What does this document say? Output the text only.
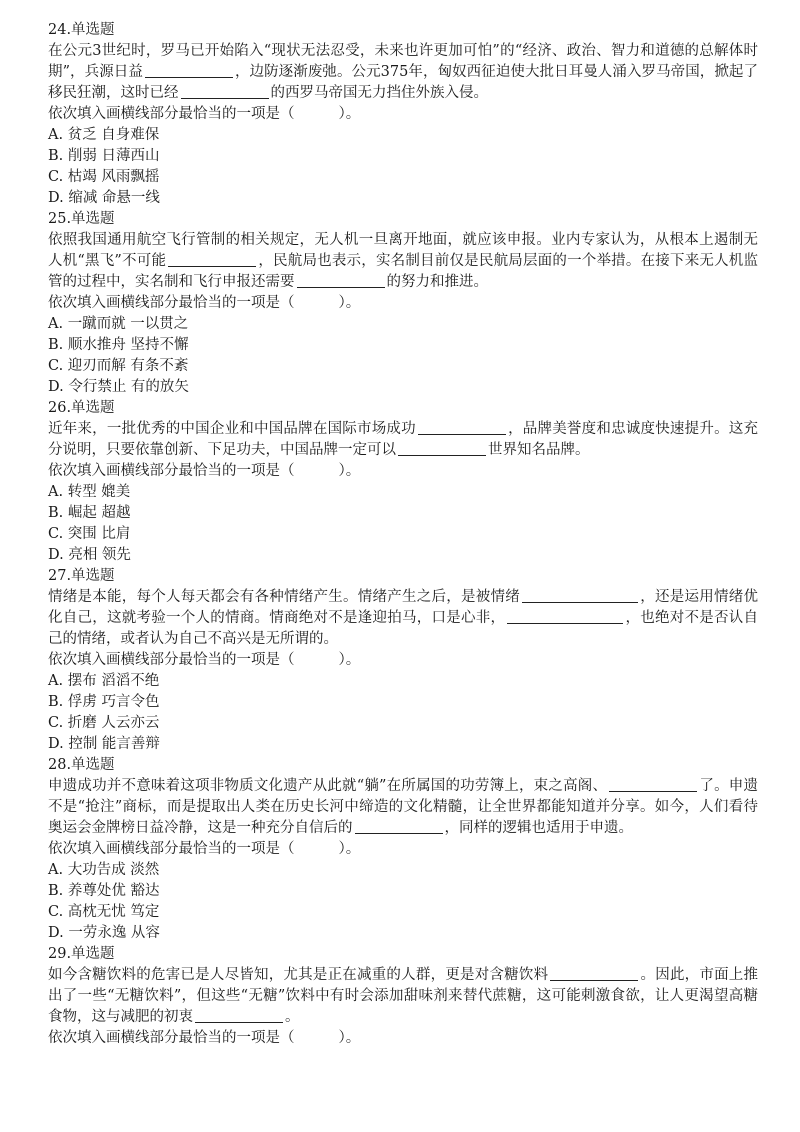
24.单选题
在公元3世纪时，罗马已开始陷入“现状无法忍受，未来也许更加可怕”的“经济、政治、智力和道德的总解体时期”，兵源日益	，边防逐渐废弛。公元375年，匈奴西征迫使大批日耳曼人涌入罗马帝国，掀起了移民狂潮，这时已经	的西罗马帝国无力挡住外族入侵。
依次填入画横线部分最恰当的一项是（	）。
A. 贫乏 自身难保
B. 削弱 日薄西山
C. 枯竭 风雨飘摇
D. 缩减 命悬一线
25.单选题
依照我国通用航空飞行管制的相关规定，无人机一旦离开地面，就应该申报。业内专家认为，从根本上遏制无人机“黑飞”不可能	，民航局也表示，实名制目前仅是民航局层面的一个举措。在接下来无人机监管的过程中，实名制和飞行申报还需要	的努力和推进。
依次填入画横线部分最恰当的一项是（	）。
A. 一蹴而就 一以贯之
B. 顺水推舟 坚持不懈
C. 迎刃而解 有条不紊
D. 令行禁止 有的放矢
26.单选题
近年来，一批优秀的中国企业和中国品牌在国际市场成功	，品牌美誉度和忠诚度快速提升。这充分说明，只要依靠创新、下足功夫，中国品牌一定可以	世界知名品牌。
依次填入画横线部分最恰当的一项是（	）。
A. 转型 媲美
B. 崛起 超越
C. 突围 比肩
D. 亮相 领先
27.单选题
情绪是本能，每个人每天都会有各种情绪产生。情绪产生之后，是被情绪	，还是运用情绪优化自己，这就考验一个人的情商。情商绝对不是逢迎拍马，口是心非，	，也绝对不是否认自己的情绪，或者认为自己不高兴是无所谓的。
依次填入画横线部分最恰当的一项是（	）。
A. 摆布 滔滔不绝
B. 俘虏 巧言令色
C. 折磨 人云亦云
D. 控制 能言善辩
28.单选题
申遗成功并不意味着这项非物质文化遗产从此就“躺”在所属国的功劳簿上，束之高阁、	了。申遗不是“抢注”商标，而是提取出人类在历史长河中缔造的文化精髓，让全世界都能知道并分享。如今，人们看待奥运会金牌榜日益冷静，这是一种充分自信后的	，同样的逻辑也适用于申遗。
依次填入画横线部分最恰当的一项是（	）。
A. 大功告成 淡然
B. 养尊处优 豁达
C. 高枕无忧 笃定
D. 一劳永逸 从容
29.单选题
如今含糖饮料的危害已是人尽皆知，尤其是正在减重的人群，更是对含糖饮料	。因此，市面上推出了一些“无糖饮料”，但这些“无糖”饮料中有时会添加甜味剂来替代蔗糖，这可能刺激食欲，让人更渴望高糖食物，这与减肥的初衷	。
依次填入画横线部分最恰当的一项是（	）。
